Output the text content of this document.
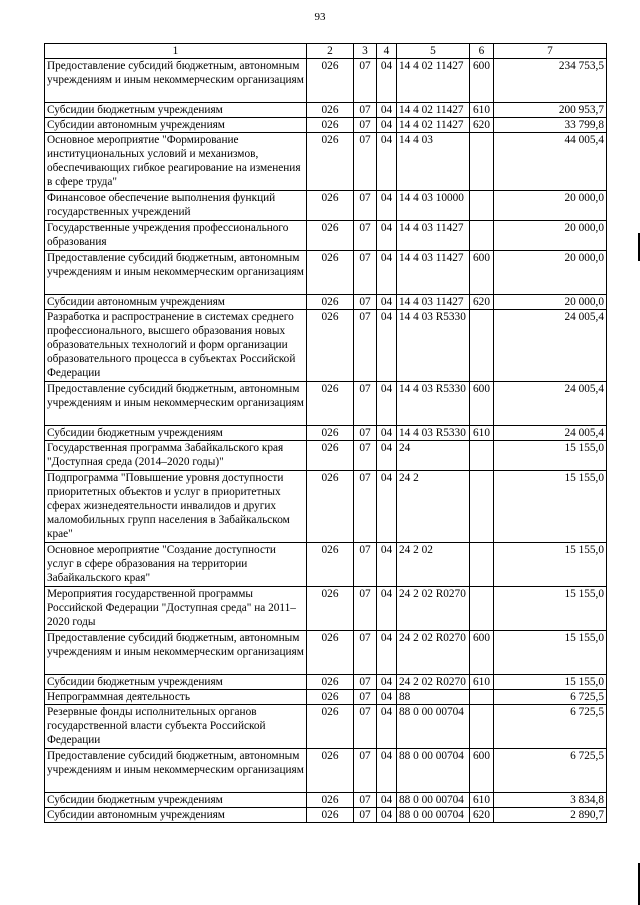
93
1	2	3	4	5	6	7
Предоставление субсидий бюджетным, автономным учреждениям и иным некоммерческим организациям	026	07	04	14 4 02 11427	600	234 753,5
Субсидии бюджетным учреждениям	026	07	04	14 4 02 11427	610	200 953,7
Субсидии автономным учреждениям	026	07	04	14 4 02 11427	620	33 799,8
Основное мероприятие "Формирование институциональных условий и механизмов, обеспечивающих гибкое реагирование на изменения в сфере труда"	026	07	04	14 4 03		44 005,4
Финансовое обеспечение выполнения функций государственных учреждений	026	07	04	14 4 03 10000		20 000,0
Государственные учреждения профессионального образования	026	07	04	14 4 03 11427		20 000,0
Предоставление субсидий бюджетным, автономным учреждениям и иным некоммерческим организациям	026	07	04	14 4 03 11427	600	20 000,0
Субсидии автономным учреждениям	026	07	04	14 4 03 11427	620	20 000,0
Разработка и распространение в системах среднего профессионального, высшего образования новых образовательных технологий и форм организации образовательного процесса в субъектах Российской Федерации	026	07	04	14 4 03 R5330		24 005,4
Предоставление субсидий бюджетным, автономным учреждениям и иным некоммерческим организациям	026	07	04	14 4 03 R5330	600	24 005,4
Субсидии бюджетным учреждениям	026	07	04	14 4 03 R5330	610	24 005,4
Государственная программа Забайкальского края "Доступная среда (2014–2020 годы)"	026	07	04	24		15 155,0
Подпрограмма "Повышение уровня доступности приоритетных объектов и услуг в приоритетных сферах жизнедеятельности инвалидов и других маломобильных групп населения в Забайкальском крае"	026	07	04	24 2		15 155,0
Основное мероприятие "Создание доступности услуг в сфере образования на территории Забайкальского края"	026	07	04	24 2 02		15 155,0
Мероприятия государственной программы Российской Федерации "Доступная среда" на 2011–2020 годы	026	07	04	24 2 02 R0270		15 155,0
Предоставление субсидий бюджетным, автономным учреждениям и иным некоммерческим организациям	026	07	04	24 2 02 R0270	600	15 155,0
Субсидии бюджетным учреждениям	026	07	04	24 2 02 R0270	610	15 155,0
Непрограммная деятельность	026	07	04	88		6 725,5
Резервные фонды исполнительных органов государственной власти субъекта Российской Федерации	026	07	04	88 0 00 00704		6 725,5
Предоставление субсидий бюджетным, автономным учреждениям и иным некоммерческим организациям	026	07	04	88 0 00 00704	600	6 725,5
Субсидии бюджетным учреждениям	026	07	04	88 0 00 00704	610	3 834,8
Субсидии автономным учреждениям	026	07	04	88 0 00 00704	620	2 890,7
